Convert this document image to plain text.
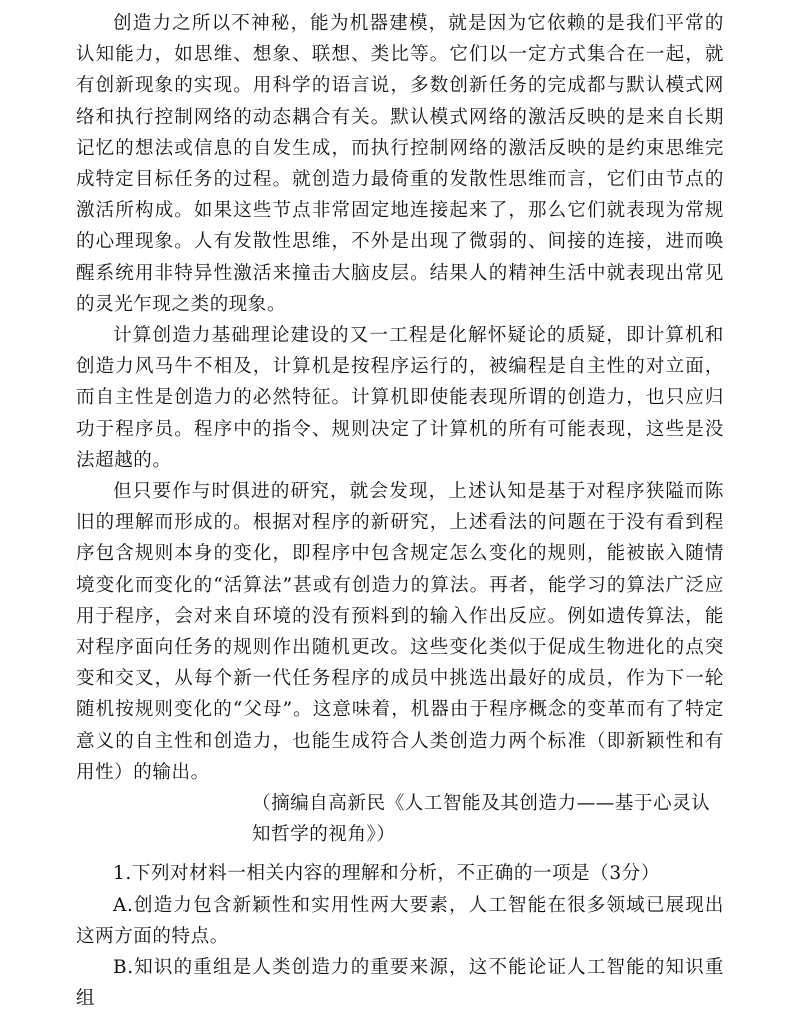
创造力之所以不神秘，能为机器建模，就是因为它依赖的是我们平常的认知能力，如思维、想象、联想、类比等。它们以一定方式集合在一起，就有创新现象的实现。用科学的语言说，多数创新任务的完成都与默认模式网络和执行控制网络的动态耦合有关。默认模式网络的激活反映的是来自长期记忆的想法或信息的自发生成，而执行控制网络的激活反映的是约束思维完成特定目标任务的过程。就创造力最倚重的发散性思维而言，它们由节点的激活所构成。如果这些节点非常固定地连接起来了，那么它们就表现为常规的心理现象。人有发散性思维，不外是出现了微弱的、间接的连接，进而唤醒系统用非特异性激活来撞击大脑皮层。结果人的精神生活中就表现出常见的灵光乍现之类的现象。

计算创造力基础理论建设的又一工程是化解怀疑论的质疑，即计算机和创造力风马牛不相及，计算机是按程序运行的，被编程是自主性的对立面，而自主性是创造力的必然特征。计算机即使能表现所谓的创造力，也只应归功于程序员。程序中的指令、规则决定了计算机的所有可能表现，这些是没法超越的。

但只要作与时俱进的研究，就会发现，上述认知是基于对程序狭隘而陈旧的理解而形成的。根据对程序的新研究，上述看法的问题在于没有看到程序包含规则本身的变化，即程序中包含规定怎么变化的规则，能被嵌入随情境变化而变化的“活算法”甚或有创造力的算法。再者，能学习的算法广泛应用于程序，会对来自环境的没有预料到的输入作出反应。例如遗传算法，能对程序面向任务的规则作出随机更改。这些变化类似于促成生物进化的点突变和交叉，从每个新一代任务程序的成员中挑选出最好的成员，作为下一轮随机按规则变化的“父母”。这意味着，机器由于程序概念的变革而有了特定意义的自主性和创造力，也能生成符合人类创造力两个标准（即新颖性和有用性）的输出。

（摘编自高新民《人工智能及其创造力——基于心灵认知哲学的视角》）

1.下列对材料一相关内容的理解和分析，不正确的一项是（3分）

A.创造力包含新颖性和实用性两大要素，人工智能在很多领域已展现出这两方面的特点。

B.知识的重组是人类创造力的重要来源，这不能论证人工智能的知识重组
